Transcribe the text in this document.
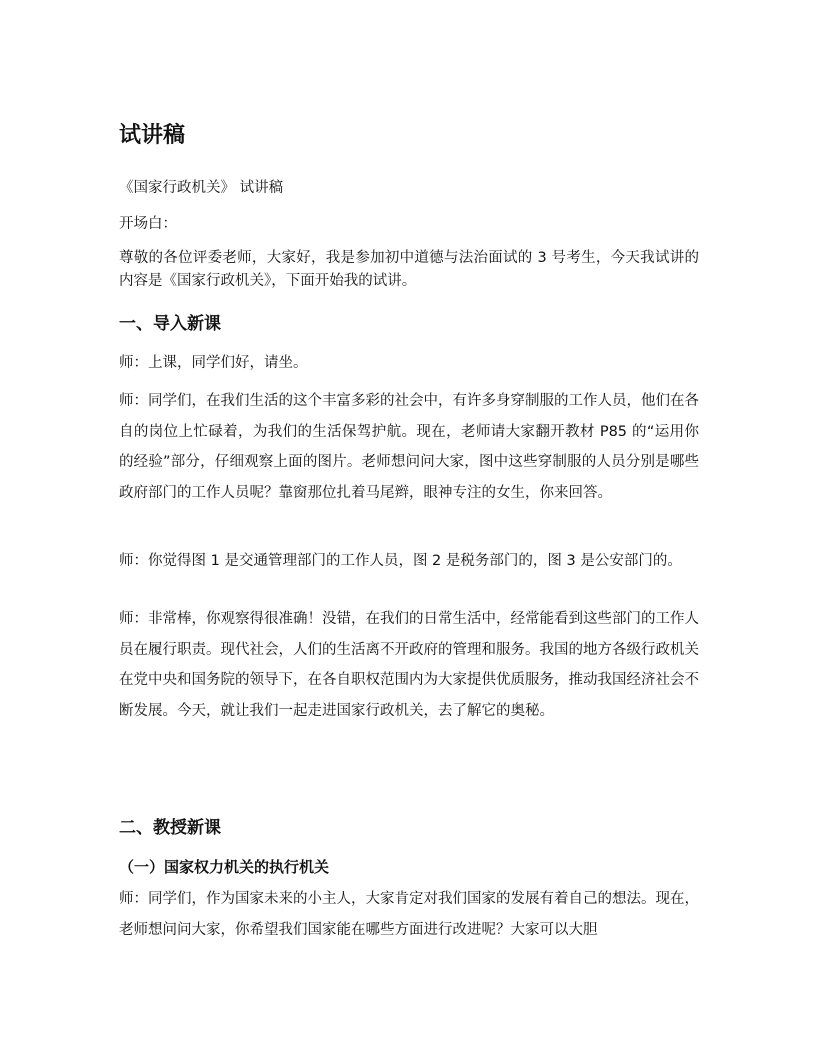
试讲稿

《国家行政机关》 试讲稿

开场白：

尊敬的各位评委老师，大家好，我是参加初中道德与法治面试的 3 号考生，今天我试讲的内容是《国家行政机关》，下面开始我的试讲。

一、导入新课

师：上课，同学们好，请坐。

师：同学们，在我们生活的这个丰富多彩的社会中，有许多身穿制服的工作人员，他们在各自的岗位上忙碌着，为我们的生活保驾护航。现在，老师请大家翻开教材 P85 的“运用你的经验”部分，仔细观察上面的图片。老师想问问大家，图中这些穿制服的人员分别是哪些政府部门的工作人员呢？靠窗那位扎着马尾辫，眼神专注的女生，你来回答。

师：你觉得图 1 是交通管理部门的工作人员，图 2 是税务部门的，图 3 是公安部门的。

师：非常棒，你观察得很准确！没错，在我们的日常生活中，经常能看到这些部门的工作人员在履行职责。现代社会，人们的生活离不开政府的管理和服务。我国的地方各级行政机关在党中央和国务院的领导下，在各自职权范围内为大家提供优质服务，推动我国经济社会不断发展。今天，就让我们一起走进国家行政机关，去了解它的奥秘。

二、教授新课
（一）国家权力机关的执行机关

师：同学们，作为国家未来的小主人，大家肯定对我们国家的发展有着自己的想法。现在，老师想问问大家，你希望我们国家能在哪些方面进行改进呢？大家可以大胆
